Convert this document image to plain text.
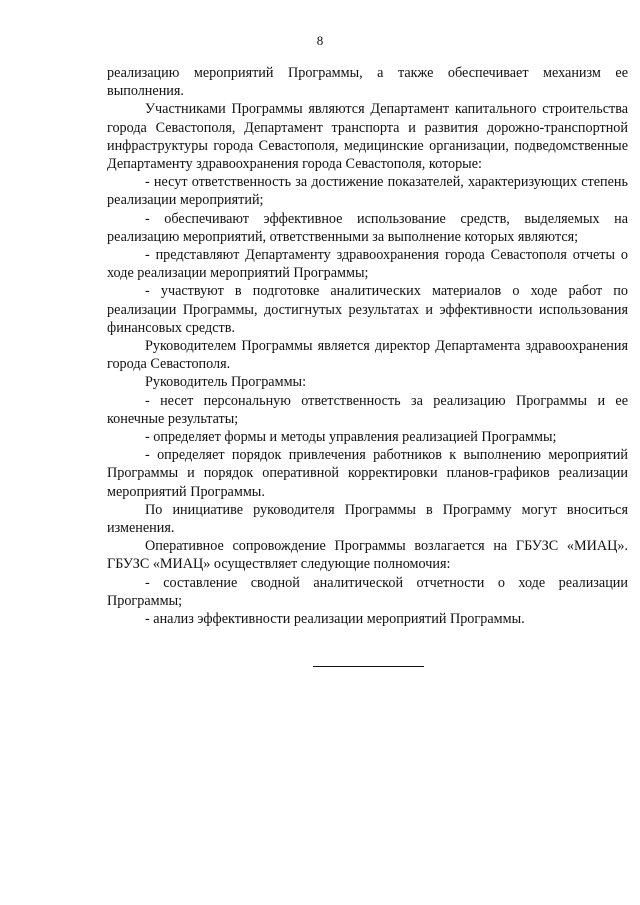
8

реализацию мероприятий Программы, а также обеспечивает механизм ее выполнения.

Участниками Программы являются Департамент капитального строительства города Севастополя, Департамент транспорта и развития дорожно-транспортной инфраструктуры города Севастополя, медицинские организации, подведомственные Департаменту здравоохранения города Севастополя, которые:

- несут ответственность за достижение показателей, характеризующих степень реализации мероприятий;

- обеспечивают эффективное использование средств, выделяемых на реализацию мероприятий, ответственными за выполнение которых являются;

- представляют Департаменту здравоохранения города Севастополя отчеты о ходе реализации мероприятий Программы;

- участвуют в подготовке аналитических материалов о ходе работ по реализации Программы, достигнутых результатах и эффективности использования финансовых средств.

Руководителем Программы является директор Департамента здравоохранения города Севастополя.

Руководитель Программы:

- несет персональную ответственность за реализацию Программы и ее конечные результаты;

- определяет формы и методы управления реализацией Программы;

- определяет порядок привлечения работников к выполнению мероприятий Программы и порядок оперативной корректировки планов-графиков реализации мероприятий Программы.

По инициативе руководителя Программы в Программу могут вноситься изменения.

Оперативное сопровождение Программы возлагается на ГБУЗС «МИАЦ». ГБУЗС «МИАЦ» осуществляет следующие полномочия:

- составление сводной аналитической отчетности о ходе реализации Программы;

- анализ эффективности реализации мероприятий Программы.
